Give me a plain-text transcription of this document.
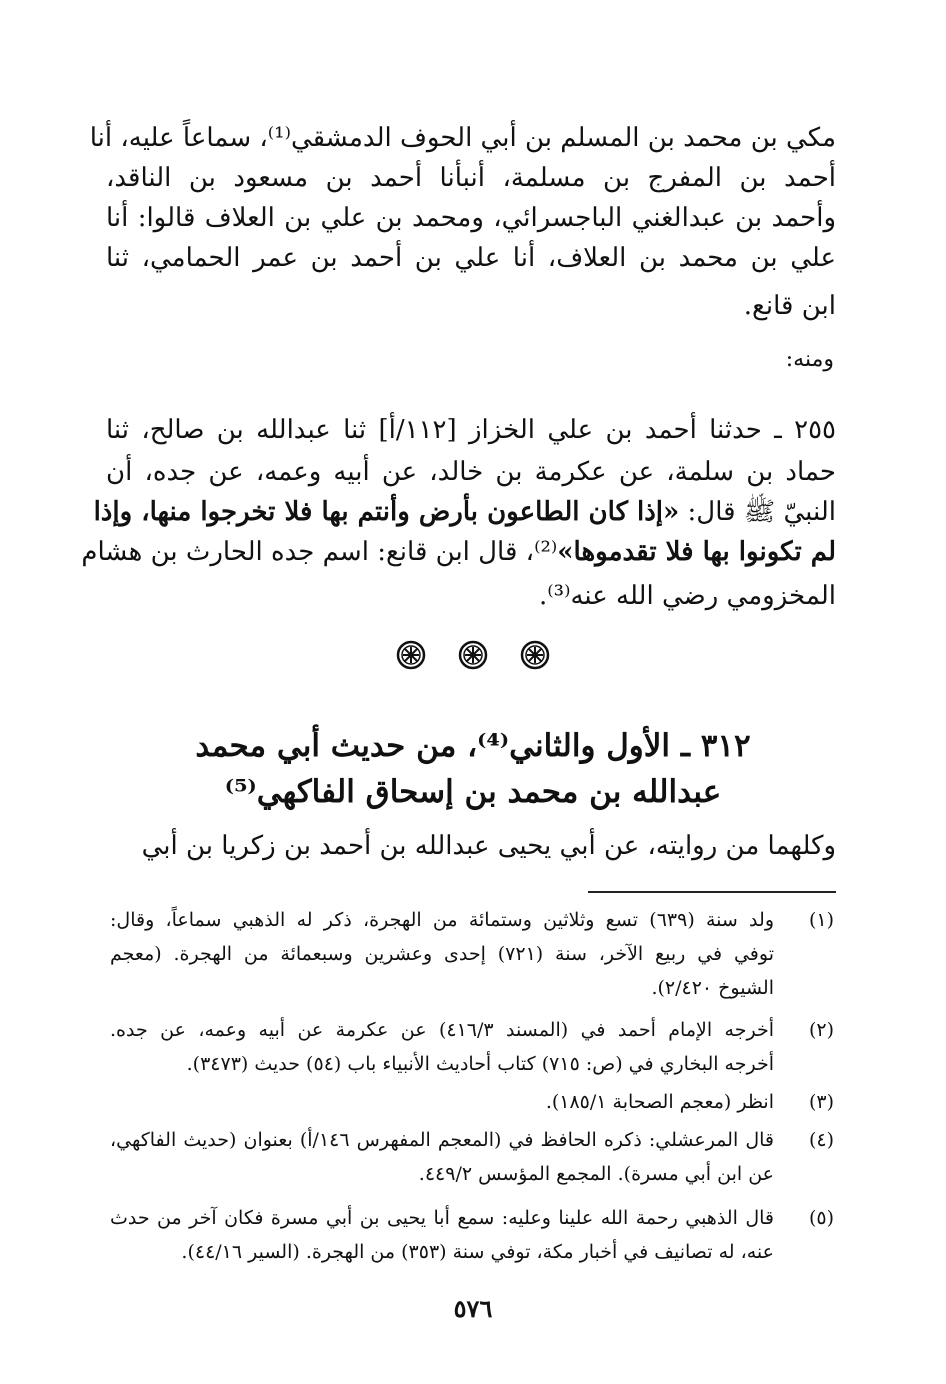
مكي بن محمد بن المسلم بن أبي الحوف الدمشقي⁽¹⁾، سماعاً عليه، أنا

أحمد بن المفرج بن مسلمة، أنبأنا أحمد بن مسعود بن الناقد،

وأحمد بن عبدالغني الباجسرائي، ومحمد بن علي بن العلاف قالوا: أنا

علي بن محمد بن العلاف، أنا علي بن أحمد بن عمر الحمامي، ثنا

ابن قانع.

ومنه:

٢٥٥ ـ حدثنا أحمد بن علي الخزاز [١١٢/أ] ثنا عبدالله بن صالح، ثنا

حماد بن سلمة، عن عكرمة بن خالد، عن أبيه وعمه، عن جده، أن

النبيّ ﷺ قال: «إذا كان الطاعون بأرض وأنتم بها فلا تخرجوا منها، وإذا

لم تكونوا بها فلا تقدموها»⁽²⁾، قال ابن قانع: اسم جده الحارث بن هشام

المخزومي رضي الله عنه⁽³⁾.

٣١٢ ـ الأول والثاني⁽⁴⁾، من حديث أبي محمد
عبدالله بن محمد بن إسحاق الفاكهي⁽⁵⁾

وكلهما من روايته، عن أبي يحيى عبدالله بن أحمد بن زكريا بن أبي

(١)
ولد سنة (٦٣٩) تسع وثلاثين وستمائة من الهجرة، ذكر له الذهبي سماعاً، وقال:
توفي في ربيع الآخر، سنة (٧٢١) إحدى وعشرين وسبعمائة من الهجرة. (معجم
الشيوخ ٢/٤٢٠).
(٢)
أخرجه الإمام أحمد في (المسند ٤١٦/٣) عن عكرمة عن أبيه وعمه، عن جده.
أخرجه البخاري في (ص: ٧١٥) كتاب أحاديث الأنبياء باب (٥٤) حديث (٣٤٧٣).
(٣)
انظر (معجم الصحابة ١٨٥/١).
(٤)
قال المرعشلي: ذكره الحافظ في (المعجم المفهرس ١٤٦/أ) بعنوان (حديث الفاكهي،
عن ابن أبي مسرة). المجمع المؤسس ٤٤٩/٢.
(٥)
قال الذهبي رحمة الله علينا وعليه: سمع أبا يحيى بن أبي مسرة فكان آخر من حدث
عنه، له تصانيف في أخبار مكة، توفي سنة (٣٥٣) من الهجرة. (السير ٤٤/١٦).
٥٧٦
